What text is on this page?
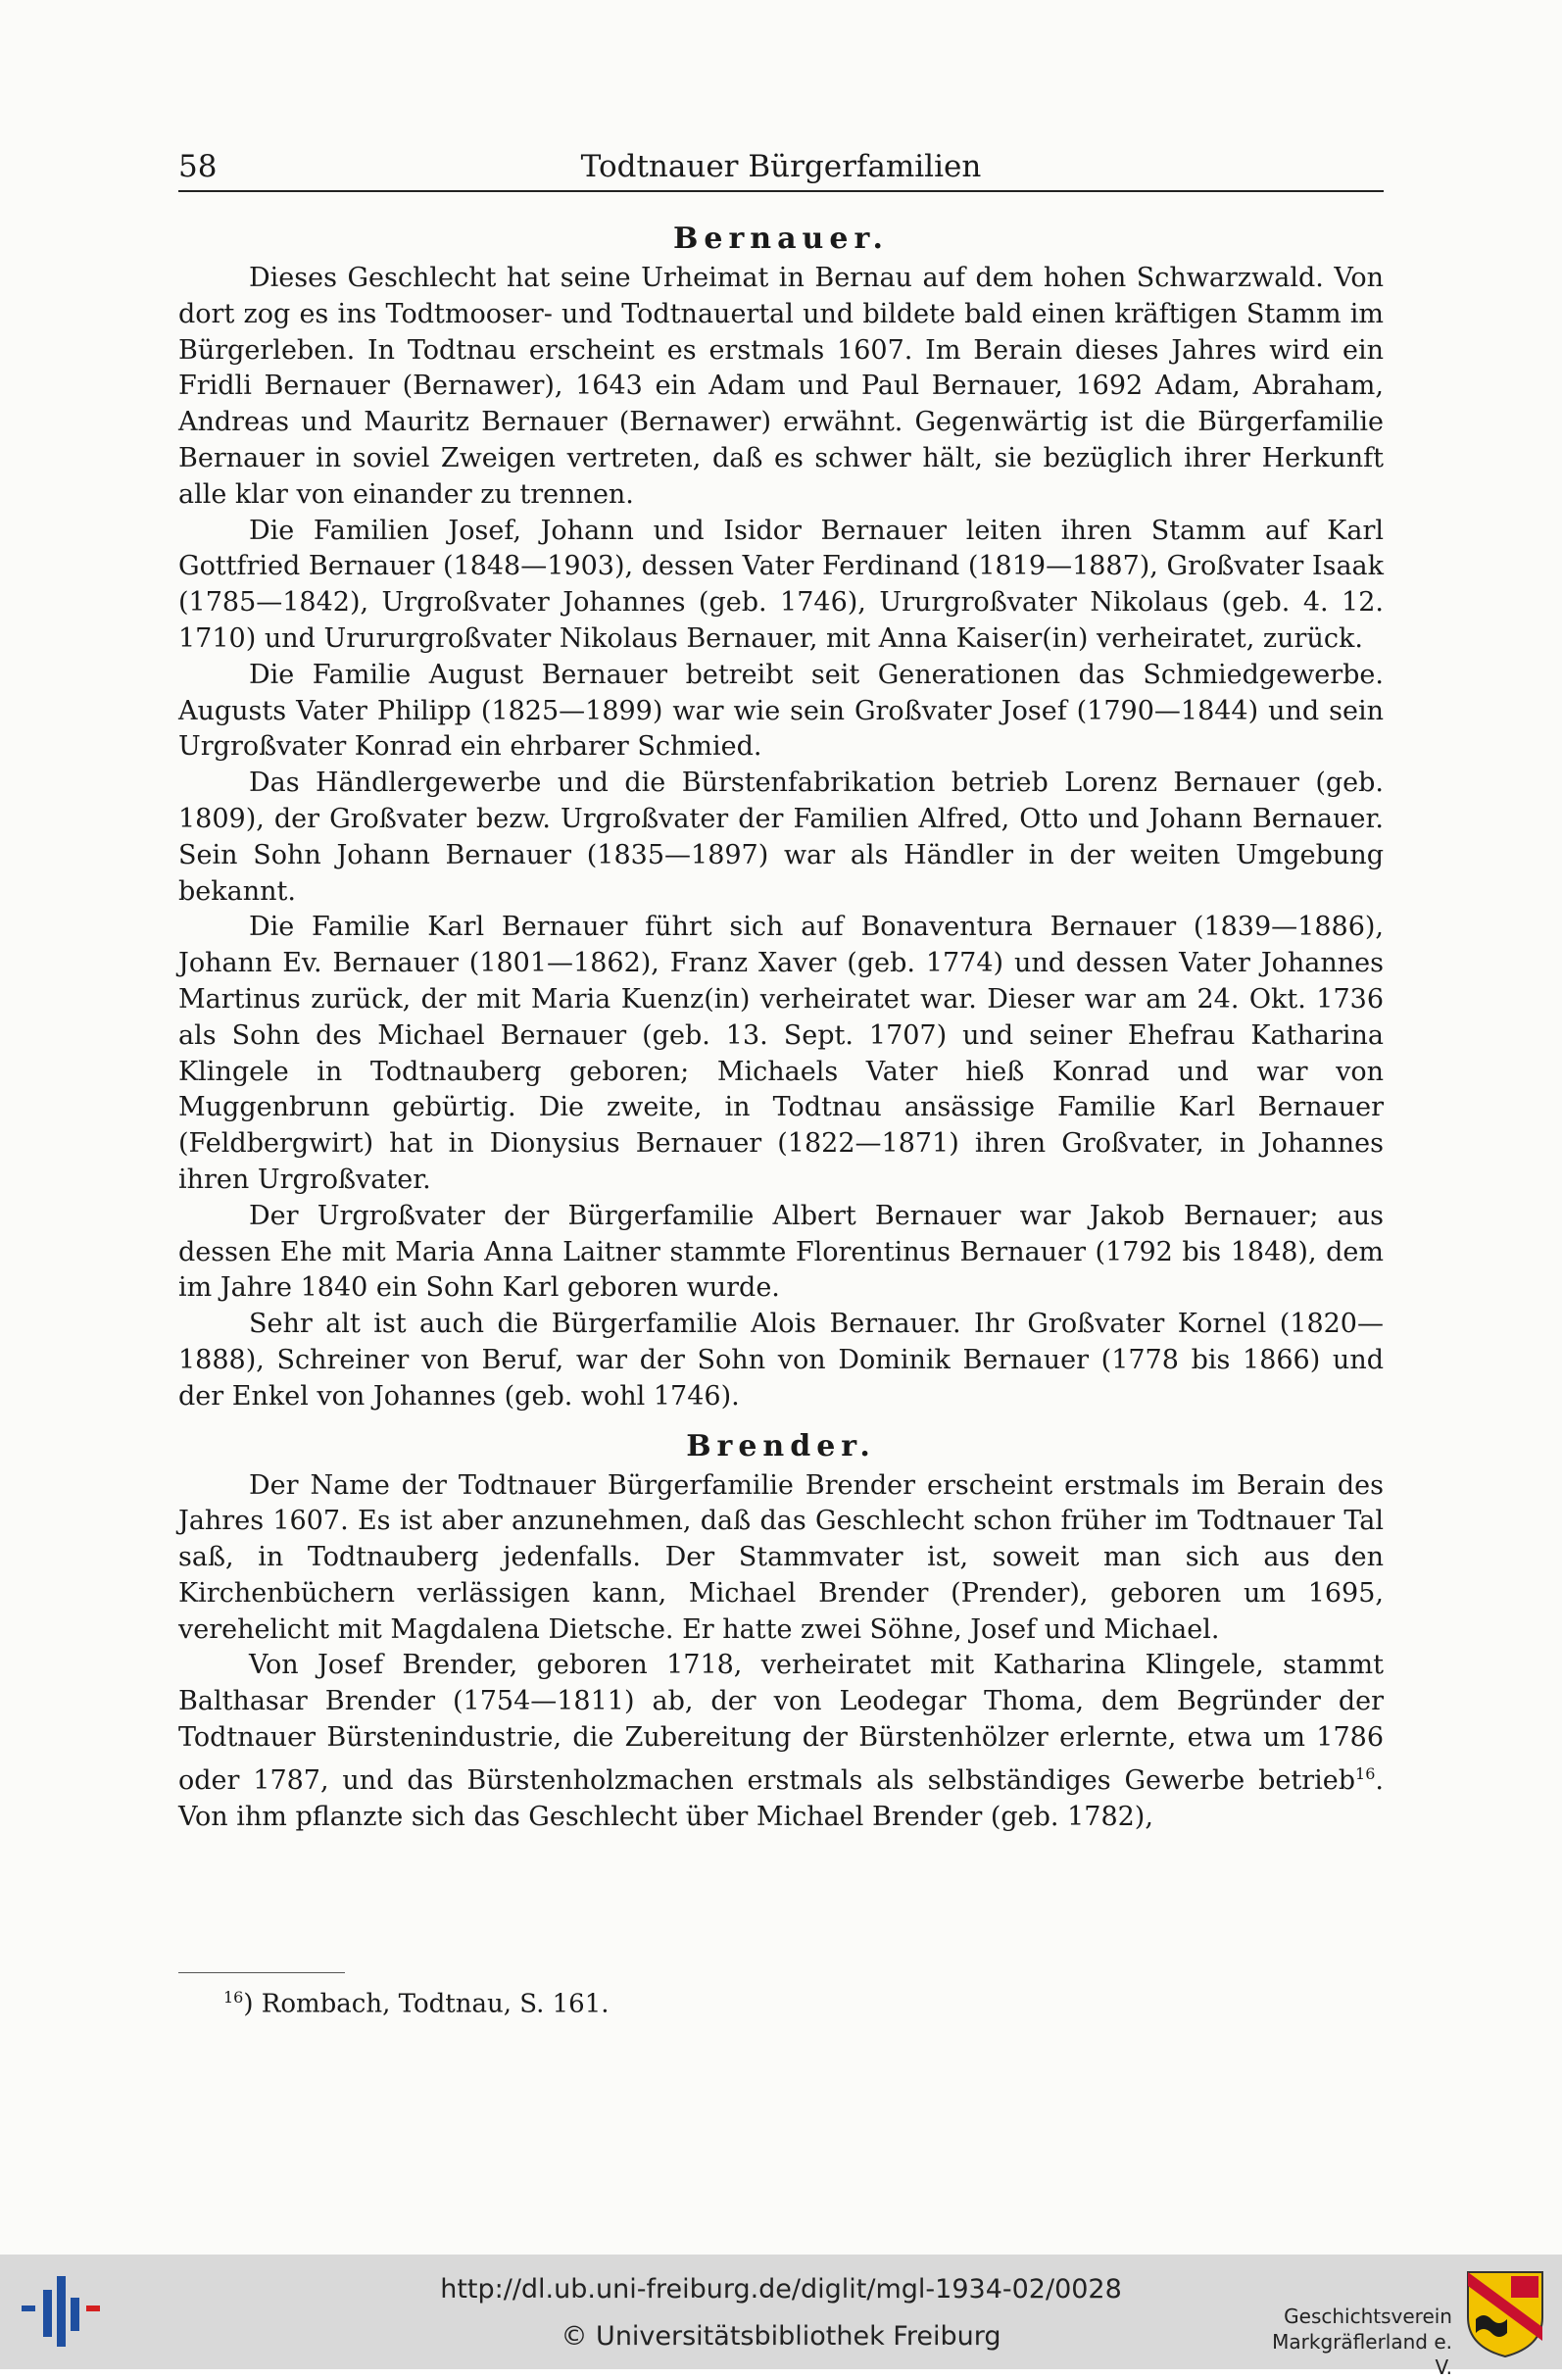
58	Todtnauer Bürgerfamilien
Bernauer.

Dieses Geschlecht hat seine Urheimat in Bernau auf dem hohen Schwarzwald. Von dort zog es ins Todtmooser- und Todtnauertal und bildete bald einen kräftigen Stamm im Bürgerleben. In Todtnau erscheint es erstmals 1607. Im Berain dieses Jahres wird ein Fridli Bernauer (Bernawer), 1643 ein Adam und Paul Bernauer, 1692 Adam, Abraham, Andreas und Mauritz Bernauer (Bernawer) erwähnt. Gegenwärtig ist die Bürgerfamilie Bernauer in soviel Zweigen vertreten, daß es schwer hält, sie bezüglich ihrer Herkunft alle klar von einander zu trennen.

Die Familien Josef, Johann und Isidor Bernauer leiten ihren Stamm auf Karl Gottfried Bernauer (1848—1903), dessen Vater Ferdinand (1819—1887), Großvater Isaak (1785—1842), Urgroßvater Johannes (geb. 1746), Ururgroßvater Nikolaus (geb. 4. 12. 1710) und Urururgroßvater Nikolaus Bernauer, mit Anna Kaiser(in) verheiratet, zurück.

Die Familie August Bernauer betreibt seit Generationen das Schmiedgewerbe. Augusts Vater Philipp (1825—1899) war wie sein Großvater Josef (1790—1844) und sein Urgroßvater Konrad ein ehrbarer Schmied.

Das Händlergewerbe und die Bürstenfabrikation betrieb Lorenz Bernauer (geb. 1809), der Großvater bezw. Urgroßvater der Familien Alfred, Otto und Johann Bernauer. Sein Sohn Johann Bernauer (1835—1897) war als Händler in der weiten Umgebung bekannt.

Die Familie Karl Bernauer führt sich auf Bonaventura Bernauer (1839—1886), Johann Ev. Bernauer (1801—1862), Franz Xaver (geb. 1774) und dessen Vater Johannes Martinus zurück, der mit Maria Kuenz(in) verheiratet war. Dieser war am 24. Okt. 1736 als Sohn des Michael Bernauer (geb. 13. Sept. 1707) und seiner Ehefrau Katharina Klingele in Todtnauberg geboren; Michaels Vater hieß Konrad und war von Muggenbrunn gebürtig. Die zweite, in Todtnau ansässige Familie Karl Bernauer (Feldbergwirt) hat in Dionysius Bernauer (1822—1871) ihren Großvater, in Johannes ihren Urgroßvater.

Der Urgroßvater der Bürgerfamilie Albert Bernauer war Jakob Bernauer; aus dessen Ehe mit Maria Anna Laitner stammte Florentinus Bernauer (1792 bis 1848), dem im Jahre 1840 ein Sohn Karl geboren wurde.

Sehr alt ist auch die Bürgerfamilie Alois Bernauer. Ihr Großvater Kornel (1820—1888), Schreiner von Beruf, war der Sohn von Dominik Bernauer (1778 bis 1866) und der Enkel von Johannes (geb. wohl 1746).

Brender.

Der Name der Todtnauer Bürgerfamilie Brender erscheint erstmals im Berain des Jahres 1607. Es ist aber anzunehmen, daß das Geschlecht schon früher im Todtnauer Tal saß, in Todtnauberg jedenfalls. Der Stammvater ist, soweit man sich aus den Kirchenbüchern verlässigen kann, Michael Brender (Prender), geboren um 1695, verehelicht mit Magdalena Dietsche. Er hatte zwei Söhne, Josef und Michael.

Von Josef Brender, geboren 1718, verheiratet mit Katharina Klingele, stammt Balthasar Brender (1754—1811) ab, der von Leodegar Thoma, dem Begründer der Todtnauer Bürstenindustrie, die Zubereitung der Bürstenhölzer erlernte, etwa um 1786 oder 1787, und das Bürstenholzmachen erstmals als selbständiges Gewerbe betrieb$^{16}$. Von ihm pflanzte sich das Geschlecht über Michael Brender (geb. 1782),

$^{16}$) Rombach, Todtnau, S. 161.
http://dl.ub.uni-freiburg.de/diglit/mgl-1934-02/0028
© Universitätsbibliothek Freiburg
Geschichtsverein
Markgräflerland e. V.
